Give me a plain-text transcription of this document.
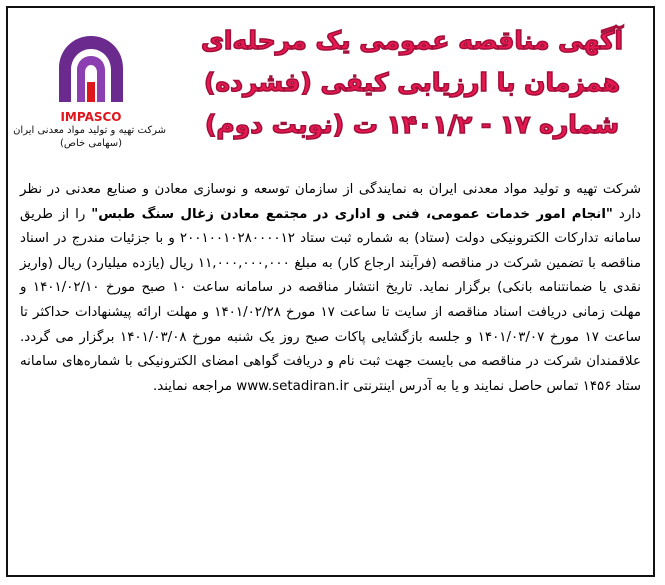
IMPASCO
شرکت تهیه و تولید مواد معدنی ایران
(سهامی خاص)
آگهی مناقصه عمومی یک مرحله‌ای
همزمان با ارزیابی کیفی (فشرده)
شماره ۱۷ - ۱۴۰۱/۲ ت (نوبت دوم)
شرکت تهیه و تولید مواد معدنی ایران به نمایندگی از سازمان توسعه و نوسازی معادن و صنایع معدنی در نظر دارد "انجام امور خدمات عمومی، فنی و اداری در مجتمع معادن زغال سنگ طبس" را از طریق سامانه تدارکات الکترونیکی دولت (ستاد) به شماره ثبت ستاد ۲۰۰۱۰۰۱۰۲۸۰۰۰۰۱۲ و با جزئیات مندرج در اسناد مناقصه با تضمین شرکت در مناقصه (فرآیند ارجاع کار) به مبلغ ۱۱,۰۰۰,۰۰۰,۰۰۰ ریال (یازده میلیارد) ریال (واریز نقدی یا ضمانتنامه بانکی) برگزار نماید. تاریخ انتشار مناقصه در سامانه ساعت ۱۰ صبح مورخ ۱۴۰۱/۰۲/۱۰ و مهلت زمانی دریافت اسناد مناقصه از سایت تا ساعت ۱۷ مورخ ۱۴۰۱/۰۲/۲۸ و مهلت ارائه پیشنهادات حداکثر تا ساعت ۱۷ مورخ ۱۴۰۱/۰۳/۰۷ و جلسه بازگشایی پاکات صبح روز یک شنبه مورخ ۱۴۰۱/۰۳/۰۸ برگزار می گردد. علاقمندان شرکت در مناقصه می بایست جهت ثبت نام و دریافت گواهی امضای الکترونیکی با شماره‌های سامانه ستاد ۱۴۵۶ تماس حاصل نمایند و یا به آدرس اینترنتی www.setadiran.ir مراجعه نمایند.
